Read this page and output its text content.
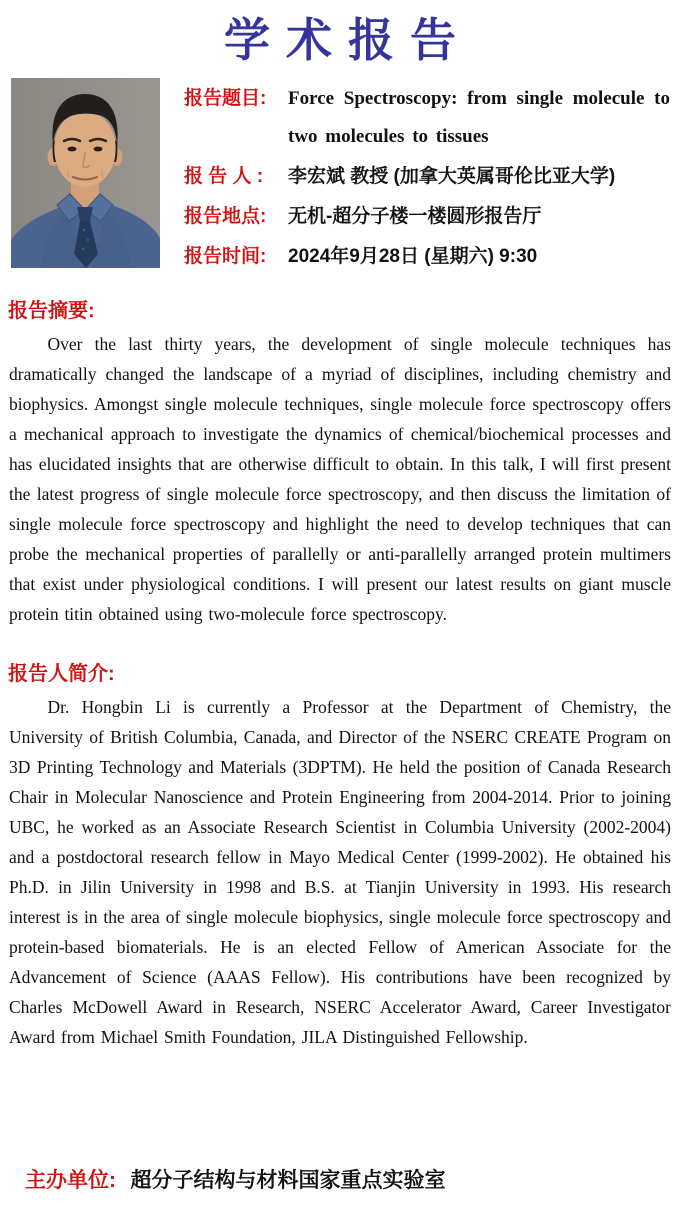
学术报告
报告题目:	Force Spectroscopy: from single molecule to two molecules to tissues
报 告 人 :	李宏斌 教授 (加拿大英属哥伦比亚大学)
报告地点:	无机-超分子楼一楼圆形报告厅
报告时间:	2024年9月28日 (星期六) 9:30
报告摘要:

Over the last thirty years, the development of single molecule techniques has dramatically changed the landscape of a myriad of disciplines, including chemistry and biophysics. Amongst single molecule techniques, single molecule force spectroscopy offers a mechanical approach to investigate the dynamics of chemical/biochemical processes and has elucidated insights that are otherwise difficult to obtain. In this talk, I will first present the latest progress of single molecule force spectroscopy, and then discuss the limitation of single molecule force spectroscopy and highlight the need to develop techniques that can probe the mechanical properties of parallelly or anti-parallelly arranged protein multimers that exist under physiological conditions. I will present our latest results on giant muscle protein titin obtained using two-molecule force spectroscopy.

报告人简介:

Dr. Hongbin Li is currently a Professor at the Department of Chemistry, the University of British Columbia, Canada, and Director of the NSERC CREATE Program on 3D Printing Technology and Materials (3DPTM). He held the position of Canada Research Chair in Molecular Nanoscience and Protein Engineering from 2004-2014. Prior to joining UBC, he worked as an Associate Research Scientist in Columbia University (2002-2004) and a postdoctoral research fellow in Mayo Medical Center (1999-2002). He obtained his Ph.D. in Jilin University in 1998 and B.S. at Tianjin University in 1993. His research interest is in the area of single molecule biophysics, single molecule force spectroscopy and protein-based biomaterials. He is an elected Fellow of American Associate for the Advancement of Science (AAAS Fellow). His contributions have been recognized by Charles McDowell Award in Research, NSERC Accelerator Award, Career Investigator Award from Michael Smith Foundation, JILA Distinguished Fellowship.

主办单位: 超分子结构与材料国家重点实验室
